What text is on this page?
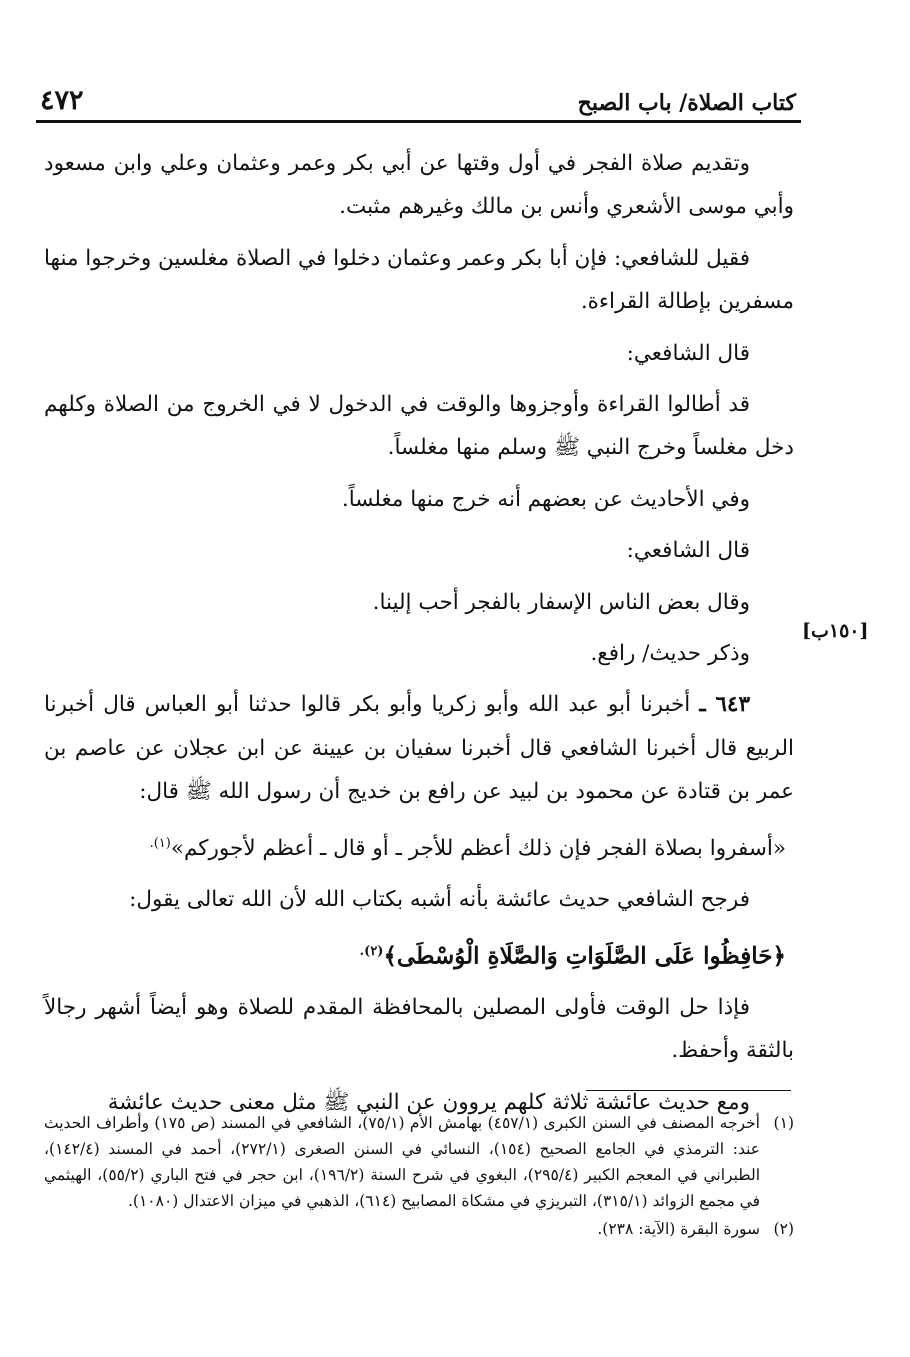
كتاب الصلاة/ باب الصبح
٤٧٢
[١٥٠ب]

وتقديم صلاة الفجر في أول وقتها عن أبي بكر وعمر وعثمان وعلي وابن مسعود وأبي موسى الأشعري وأنس بن مالك وغيرهم مثبت.

فقيل للشافعي: فإن أبا بكر وعمر وعثمان دخلوا في الصلاة مغلسين وخرجوا منها مسفرين بإطالة القراءة.

قال الشافعي:

قد أطالوا القراءة وأوجزوها والوقت في الدخول لا في الخروج من الصلاة وكلهم دخل مغلساً وخرج النبي ﷺ وسلم منها مغلساً.

وفي الأحاديث عن بعضهم أنه خرج منها مغلساً.

قال الشافعي:

وقال بعض الناس الإسفار بالفجر أحب إلينا.

وذكر حديث/ رافع.

٦٤٣ ـ أخبرنا أبو عبد الله وأبو زكريا وأبو بكر قالوا حدثنا أبو العباس قال أخبرنا الربيع قال أخبرنا الشافعي قال أخبرنا سفيان بن عيينة عن ابن عجلان عن عاصم بن عمر بن قتادة عن محمود بن لبيد عن رافع بن خديج أن رسول الله ﷺ قال:

«أسفروا بصلاة الفجر فإن ذلك أعظم للأجر ـ أو قال ـ أعظم لأجوركم»$^{(١).}$

فرجح الشافعي حديث عائشة بأنه أشبه بكتاب الله لأن الله تعالى يقول:

﴿حَافِظُوا عَلَى الصَّلَوَاتِ وَالصَّلَاةِ الْوُسْطَى﴾$^{(٢).}$

فإذا حل الوقت فأولى المصلين بالمحافظة المقدم للصلاة وهو أيضاً أشهر رجالاً بالثقة وأحفظ.

ومع حديث عائشة ثلاثة كلهم يروون عن النبي ﷺ مثل معنى حديث عائشة

(١)
أخرجه المصنف في السنن الكبرى (٤٥٧/١) بهامش الأم (٧٥/١)، الشافعي في المسند (ص ١٧٥) وأطراف الحديث عند: الترمذي في الجامع الصحيح (١٥٤)، النسائي في السنن الصغرى (٢٧٢/١)، أحمد في المسند (١٤٢/٤)، الطبراني في المعجم الكبير (٢٩٥/٤)، البغوي في شرح السنة (١٩٦/٢)، ابن حجر في فتح الباري (٥٥/٢)، الهيثمي في مجمع الزوائد (٣١٥/١)، التبريزي في مشكاة المصابيح (٦١٤)، الذهبي في ميزان الاعتدال (١٠٨٠).
(٢)
سورة البقرة (الآية: ٢٣٨).
